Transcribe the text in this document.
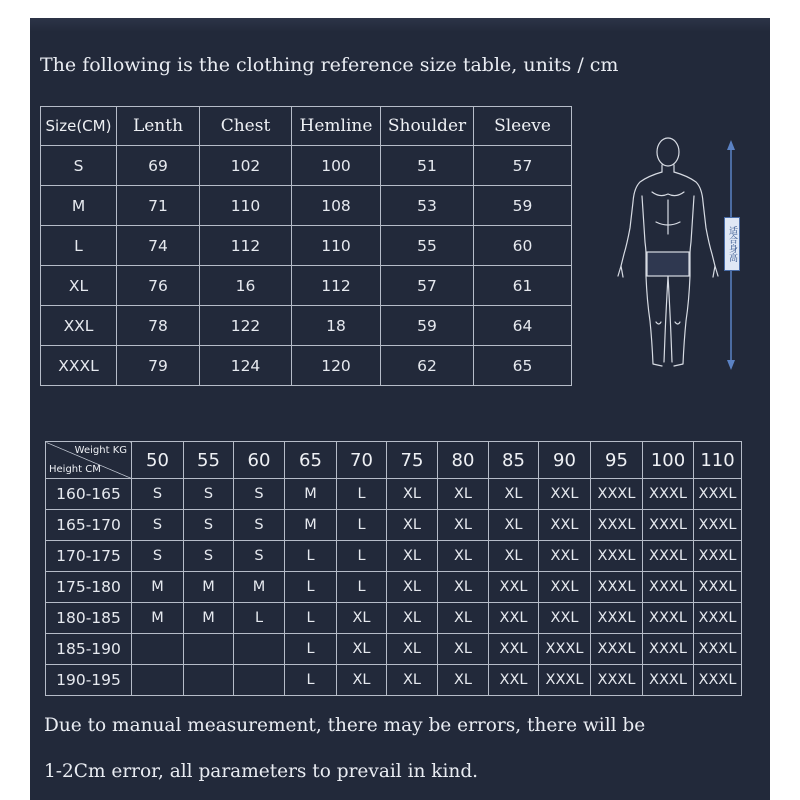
The following is the clothing reference size table, units / cm
Size(CM)	Lenth	Chest	Hemline	Shoulder	Sleeve
S	69	102	100	51	57
M	71	110	108	53	59
L	74	112	110	55	60
XL	76	16	112	57	61
XXL	78	122	18	59	64
XXXL	79	124	120	62	65
适合身高
Weight KG
Height CM	50	55	60	65	70	75	80	85	90	95	100	110
160-165	S	S	S	M	L	XL	XL	XL	XXL	XXXL	XXXL	XXXL
165-170	S	S	S	M	L	XL	XL	XL	XXL	XXXL	XXXL	XXXL
170-175	S	S	S	L	L	XL	XL	XL	XXL	XXXL	XXXL	XXXL
175-180	M	M	M	L	L	XL	XL	XXL	XXL	XXXL	XXXL	XXXL
180-185	M	M	L	L	XL	XL	XL	XXL	XXL	XXXL	XXXL	XXXL
185-190				L	XL	XL	XL	XXL	XXXL	XXXL	XXXL	XXXL
190-195				L	XL	XL	XL	XXL	XXXL	XXXL	XXXL	XXXL
Due to manual measurement, there may be errors, there will be
1-2Cm error, all parameters to prevail in kind.
